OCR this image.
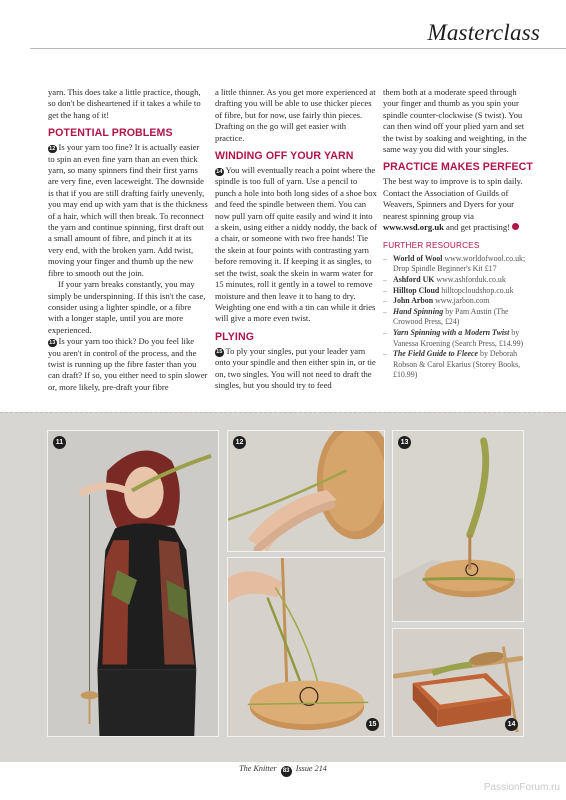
Masterclass

yarn. This does take a little practice, though, so don't be disheartened if it takes a while to get the hang of it!

POTENTIAL PROBLEMS

12 Is your yarn too fine? It is actually easier to spin an even fine yarn than an even thick yarn, so many spinners find their first yarns are very fine, even laceweight. The downside is that if you are still drafting fairly unevenly, you may end up with yarn that is the thickness of a hair, which will then break. To reconnect the yarn and continue spinning, first draft out a small amount of fibre, and pinch it at its very end, with the broken yarn. Add twist, moving your finger and thumb up the new fibre to smooth out the join.

If your yarn breaks constantly, you may simply be underspinning. If this isn't the case, consider using a lighter spindle, or a fibre with a longer staple, until you are more experienced.

13 Is your yarn too thick? Do you feel like you aren't in control of the process, and the twist is running up the fibre faster than you can draft? If so, you either need to spin slower or, more likely, pre-draft your fibre

a little thinner. As you get more experienced at drafting you will be able to use thicker pieces of fibre, but for now, use fairly thin pieces. Drafting on the go will get easier with practice.

WINDING OFF YOUR YARN

14 You will eventually reach a point where the spindle is too full of yarn. Use a pencil to punch a hole into both long sides of a shoe box and feed the spindle between them. You can now pull yarn off quite easily and wind it into a skein, using either a niddy noddy, the back of a chair, or someone with two free hands! Tie the skein at four points with contrasting yarn before removing it. If keeping it as singles, to set the twist, soak the skein in warm water for 15 minutes, roll it gently in a towel to remove moisture and then leave it to hang to dry. Weighting one end with a tin can while it dries will give a more even twist.

PLYING

15 To ply your singles, put your leader yarn onto your spindle and then either spin in, or tie on, two singles. You will not need to draft the singles, but you should try to feed

them both at a moderate speed through your finger and thumb as you spin your spindle counter-clockwise (S twist). You can then wind off your plied yarn and set the twist by soaking and weighting, in the same way you did with your singles.

PRACTICE MAKES PERFECT

The best way to improve is to spin daily. Contact the Association of Guilds of Weavers, Spinners and Dyers for your nearest spinning group via www.wsd.org.uk and get practising!

FURTHER RESOURCES
– World of Wool www.worldofwool.co.uk; Drop Spindle Beginner's Kit £17
– Ashford UK www.ashforduk.co.uk
– Hilltop Cloud hilltopcloudshop.co.uk
– John Arbon www.jarbon.com
– Hand Spinning by Pam Austin (The Crowood Press, £24)
– Yarn Spinning with a Modern Twist by Vanessa Kroening (Search Press, £14.99)
– The Field Guide to Fleece by Deborah Robson & Carol Ekarius (Storey Books, £10.99)
11	12	13
15	14
The Knitter 83 Issue 214
PassionForum.ru
